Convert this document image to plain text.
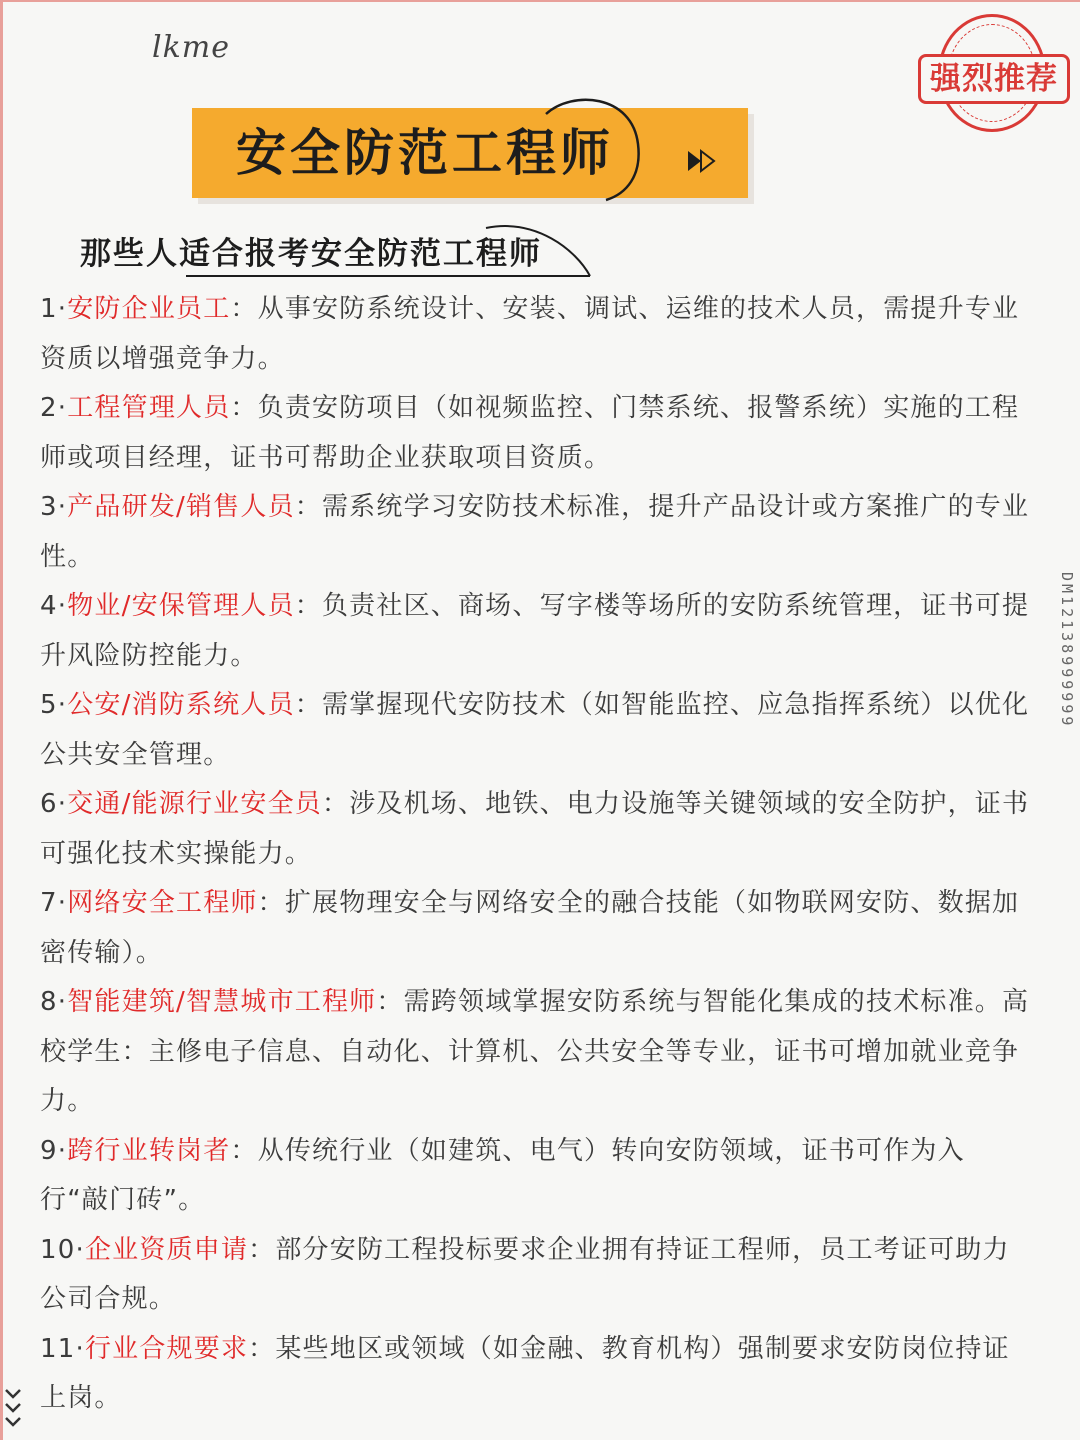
lkme
强烈推荐
安全防范工程师
那些人适合报考安全防范工程师

1·安防企业员工：从事安防系统设计、安装、调试、运维的技术人员，需提升专业资质以增强竞争力。

2·工程管理人员：负责安防项目（如视频监控、门禁系统、报警系统）实施的工程师或项目经理，证书可帮助企业获取项目资质。

3·产品研发/销售人员：需系统学习安防技术标准，提升产品设计或方案推广的专业性。

4·物业/安保管理人员：负责社区、商场、写字楼等场所的安防系统管理，证书可提升风险防控能力。

5·公安/消防系统人员：需掌握现代安防技术（如智能监控、应急指挥系统）以优化公共安全管理。

6·交通/能源行业安全员：涉及机场、地铁、电力设施等关键领域的安全防护，证书可强化技术实操能力。

7·网络安全工程师：扩展物理安全与网络安全的融合技能（如物联网安防、数据加密传输）。

8·智能建筑/智慧城市工程师：需跨领域掌握安防系统与智能化集成的技术标准。高校学生：主修电子信息、自动化、计算机、公共安全等专业，证书可增加就业竞争力。

9·跨行业转岗者：从传统行业（如建筑、电气）转向安防领域，证书可作为入行“敲门砖”。

10·企业资质申请：部分安防工程投标要求企业拥有持证工程师，员工考证可助力公司合规。

11·行业合规要求：某些地区或领域（如金融、教育机构）强制要求安防岗位持证上岗。

DM12138999999
